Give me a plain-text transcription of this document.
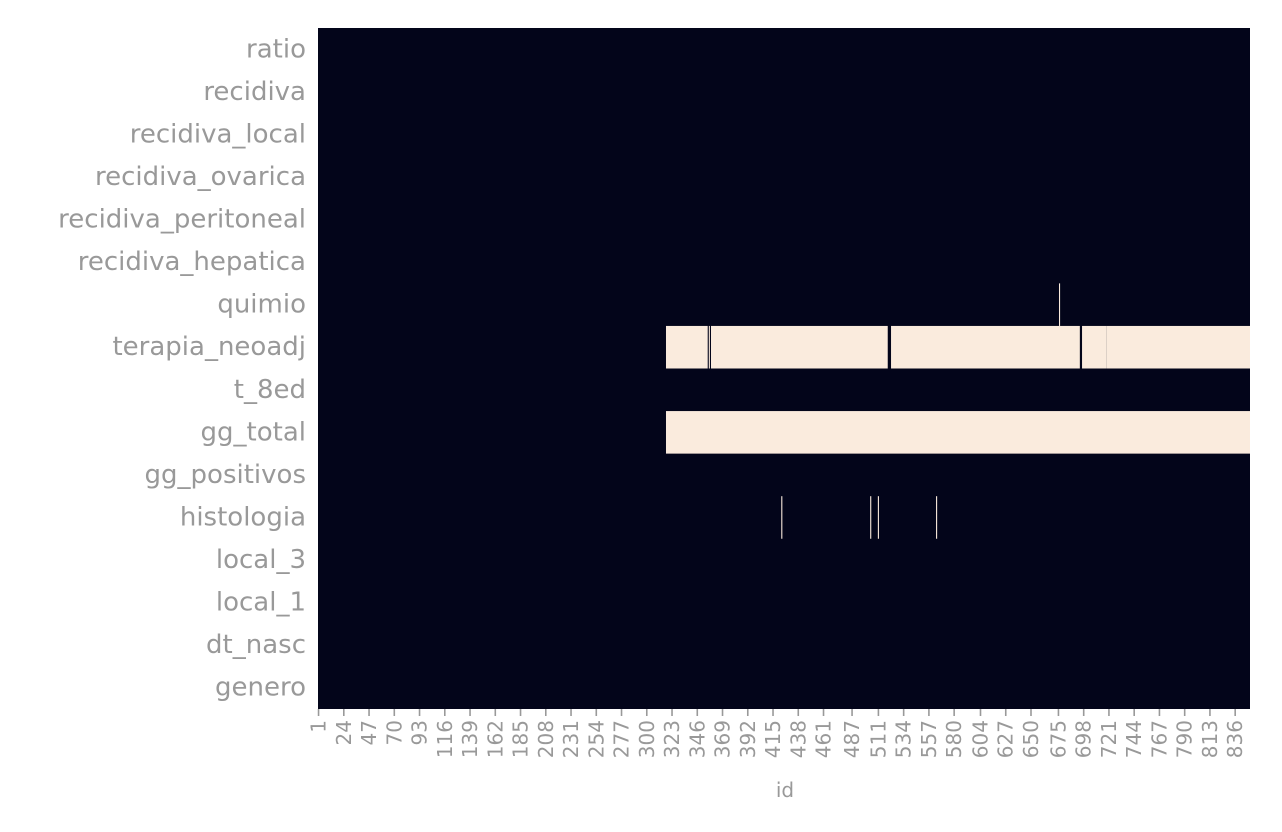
ratio
recidiva
recidiva_local
recidiva_ovarica
recidiva_peritoneal
recidiva_hepatica
quimio
terapia_neoadj
t_8ed
gg_total
gg_positivos
histologia
local_3
local_1
dt_nasc
genero
1 24 47 70 93 116 139 162 185 208 231 254 277 300 323 346 369 392 415 438 461 487 511 534 557 580 604 627 650 675 698 721 744 767 790 813 836
id
